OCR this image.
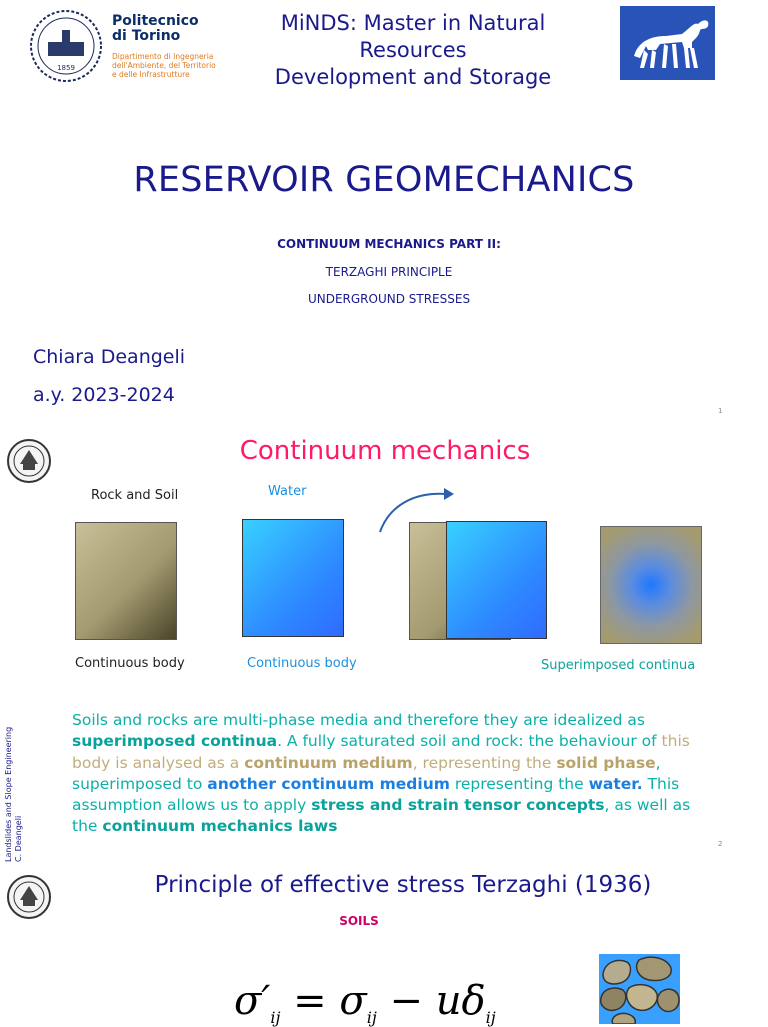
1859
Politecnico
di Torino
Dipartimento di Ingegneria
dell'Ambiente, del Territorio
e delle Infrastrutture
MiNDS: Master in Natural Resources
Development and Storage
RESERVOIR GEOMECHANICS
CONTINUUM MECHANICS PART II:
TERZAGHI PRINCIPLE
UNDERGROUND STRESSES
Chiara Deangeli
a.y. 2023-2024
1
Continuum mechanics
Rock and Soil	Water
Continuous body	Continuous body	Superimposed continua
Soils and rocks are multi-phase media and therefore they are idealized as superimposed continua. A fully saturated soil and rock: the behaviour of this body is analysed as a continuum medium, representing the solid phase, superimposed to another continuum medium representing the water. This assumption allows us to apply stress and strain tensor concepts, as well as the continuum mechanics laws
Landslides and Slope Engineering
C. Deangeli	2
Principle of effective stress Terzaghi (1936)
SOILS
$\sigma'_{ij} = \sigma_{ij} - u\delta_{ij}$
